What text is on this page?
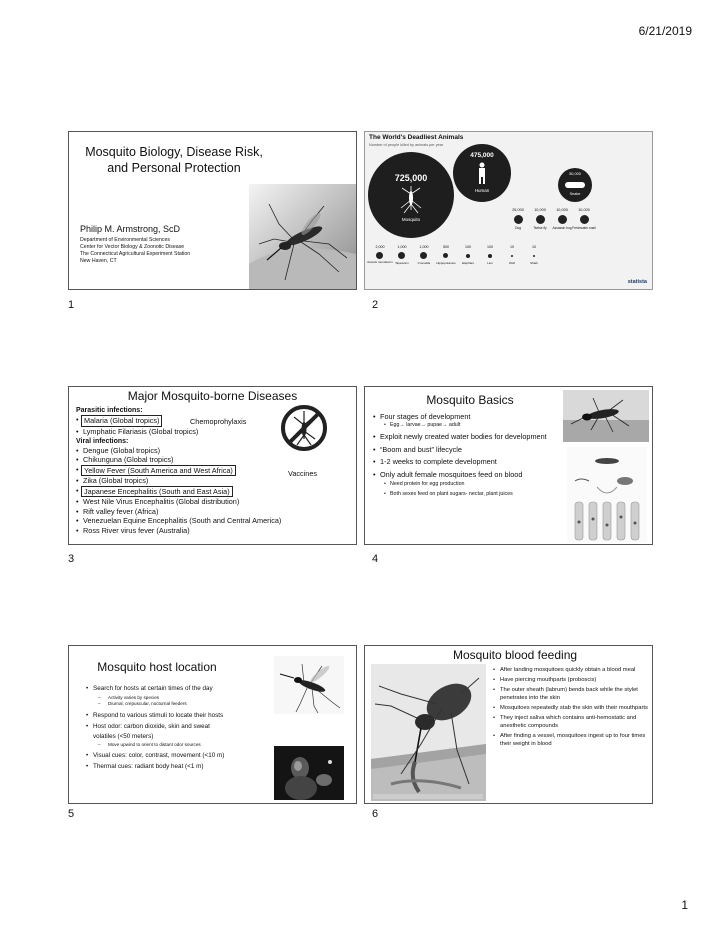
6/21/2019
Mosquito Biology, Disease Risk,
and Personal Protection
Philip M. Armstrong, ScD
Department of Environmental Sciences
Center for Vector Biology & Zoonotic Disease
The Connecticut Agricultural Experiment Station
New Haven, CT
1
The World's Deadliest Animals
Number of people killed by animals per year
725,000
Mosquito
475,000
Human
50,000
Snake
25,000	10,000	10,000	10,000
Dog	Tsetse fly	Assassin bug Freshwater snail
2,000	1,000	1,000	500	100	100	10	10
Ascaris roundworm Tapeworm	Crocodile	Hippopotamus	Elephant	Lion	Wolf	Shark
statista
2
Major Mosquito-borne Diseases
Parasitic infections:
• Malaria (Global tropics)
• Lymphatic Filariasis (Global tropics)
Viral infections:
• Dengue (Global tropics)
• Chikunguna (Global tropics)
• Yellow Fever (South America and West Africa)
• Zika (Global tropics)
• Japanese Encephalitis (South and East Asia)
• West Nile Virus Encephalitis (Global distribution)
• Rift valley fever (Africa)
• Venezuelan Equine Encephalitis (South and Central America)
• Ross River virus fever (Australia)
Chemoprohylaxis
Vaccines
3
Mosquito Basics
• Four stages of development
• Egg→ larvae→ pupae→ adult
• Exploit newly created water bodies for development
• “Boom and bust” lifecycle
• 1-2 weeks to complete development
• Only adult female mosquitoes feed on blood
• Need protein for egg production
• Both sexes feed on plant sugars- nectar, plant juices
4
Mosquito host location
• Search for hosts at certain times of the day
– Activity varies by species
– Diurnal, crepuscular, nocturnal feeders
• Respond to various stimuli to locate their hosts
• Host odor: carbon dioxide, skin and sweat volatiles (<50 meters)
– Move upwind to orient to distant odor sources
• Visual cues: color, contrast, movement (<10 m)
• Thermal cues: radiant body heat (<1 m)
5
Mosquito blood feeding
• After landing mosquitoes quickly obtain a blood meal
• Have piercing mouthparts (proboscis)
• The outer sheath (labrum) bends back while the stylet penetrates into the skin
• Mosquitoes repeatedly stab the skin with their mouthparts
• They inject saliva which contains anti-hemostatic and anesthetic compounds
• After finding a vessel, mosquitoes ingest up to four times their weight in blood
6
1
